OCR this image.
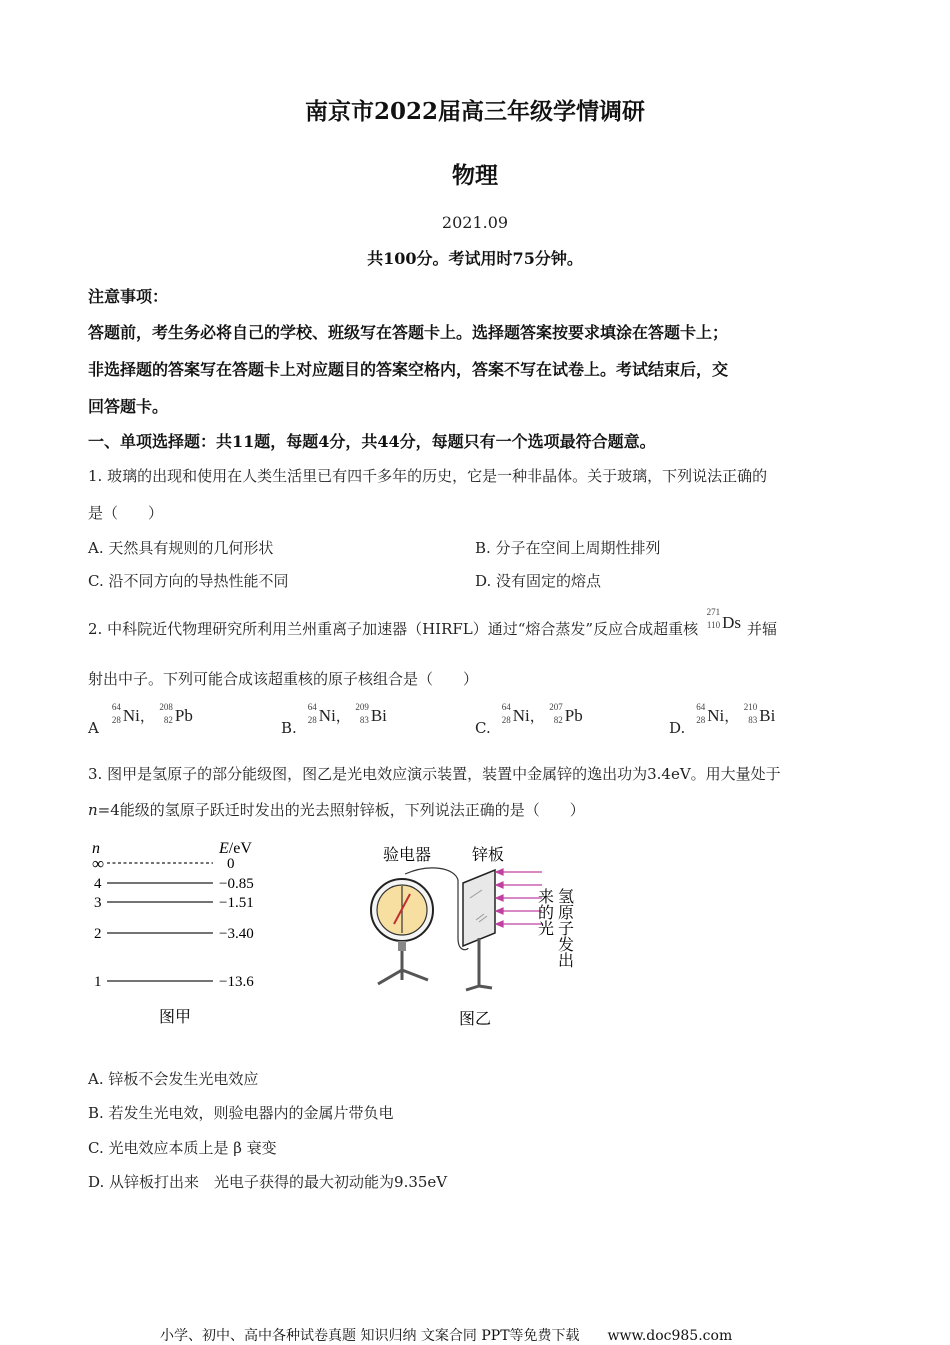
南京市2022届高三年级学情调研
物理
2021.09
共100分。考试用时75分钟。
注意事项：
答题前，考生务必将自己的学校、班级写在答题卡上。选择题答案按要求填涂在答题卡上；
非选择题的答案写在答题卡上对应题目的答案空格内，答案不写在试卷上。考试结束后，交
回答题卡。
一、单项选择题：共11题，每题4分，共44分，每题只有一个选项最符合题意。
1. 玻璃的出现和使用在人类生活里已有四千多年的历史，它是一种非晶体。关于玻璃，下列说法正确的
是（　　）
A. 天然具有规则的几何形状	B. 分子在空间上周期性排列
C. 沿不同方向的导热性能不同	D. 没有固定的熔点
2. 中科院近代物理研究所利用兰州重离子加速器（HIRFL）通过“熔合蒸发”反应合成超重核
271
110 Ds 并辐
射出中子。下列可能合成该超重核的原子核组合是（　　）
A
64
28 Ni， 208
82 Pb
B.
64
28 Ni， 209
83 Bi
C.
64
28 Ni， 207
82 Pb
D.
64
28 Ni， 210
83 Bi
3. 图甲是氢原子的部分能级图，图乙是光电效应演示装置，装置中金属锌的逸出功为3.4eV。用大量处于
n=4能级的氢原子跃迁时发出的光去照射锌板，下列说法正确的是（　　）
n	E/eV
∞	0
4	−0.85
3	−1.51
2	−3.40
1	−13.6
图甲
验电器	锌板
氢原子发出
来的光
图乙
A. 锌板不会发生光电效应
B. 若发生光电效，则验电器内的金属片带负电
C. 光电效应本质上是 β 衰变
D. 从锌板打出来　光电子获得的最大初动能为9.35eV
小学、初中、高中各种试卷真题 知识归纳 文案合同 PPT等免费下载　　www.doc985.com
